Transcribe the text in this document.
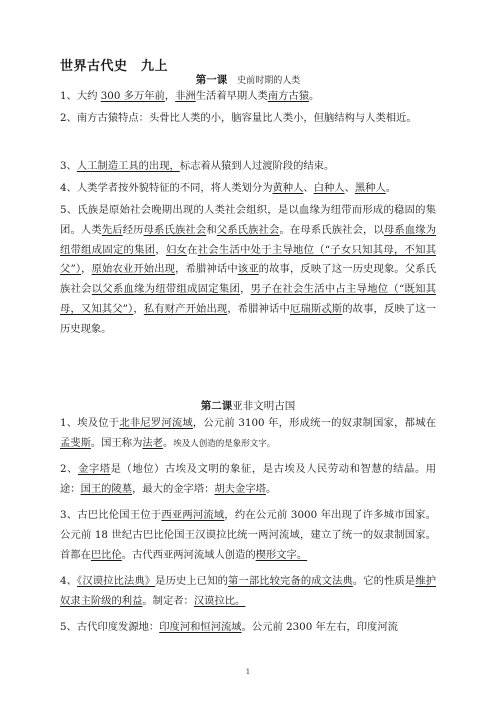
世界古代史　九上
第一课 史前时期的人类
1、大约 300 多万年前，非洲生活着早期人类南方古猿。
2、南方古猿特点：头骨比人类的小，脑容量比人类小，但脑结构与人类相近。
3、人工制造工具的出现，标志着从猿到人过渡阶段的结束。
4、人类学者按外貌特征的不同，将人类划分为黄种人、白种人、黑种人。
5、氏族是原始社会晚期出现的人类社会组织，是以血缘为纽带而形成的稳固的集团。人类先后经历母系氏族社会和父系氏族社会。在母系氏族社会，以母系血缘为纽带组成固定的集团，妇女在社会生活中处于主导地位（“子女只知其母，不知其父”），原始农业开始出现，希腊神话中该亚的故事，反映了这一历史现象。父系氏族社会以父系血缘为纽带组成固定集团，男子在社会生活中占主导地位（“既知其母，又知其父”），私有财产开始出现，希腊神话中厄瑞斯忒斯的故事，反映了这一历史现象。
第二课亚非文明古国
1、埃及位于北非尼罗河流域，公元前 3100 年，形成统一的奴隶制国家，都城在孟斐斯。国王称为法老。埃及人创造的是象形文字。
2、金字塔是（地位）古埃及文明的象征，是古埃及人民劳动和智慧的结晶。用途：国王的陵墓，最大的金字塔：胡夫金字塔。
3、古巴比伦国王位于西亚两河流域，约在公元前 3000 年出现了许多城市国家。公元前 18 世纪古巴比伦国王汉谟拉比统一两河流域，建立了统一的奴隶制国家。首都在巴比伦。古代西亚两河流域人创造的楔形文字。
4、《汉谟拉比法典》是历史上已知的第一部比较完备的成文法典。它的性质是维护奴隶主阶级的利益。制定者：汉谟拉比。
5、古代印度发源地：印度河和恒河流域。公元前 2300 年左右，印度河流
1
